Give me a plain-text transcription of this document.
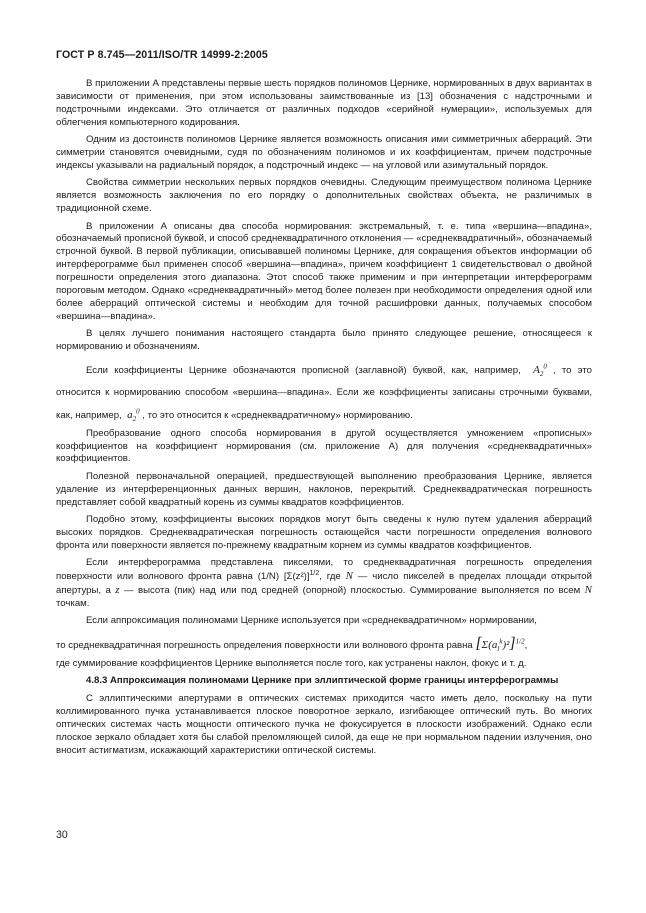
ГОСТ Р 8.745—2011/ISO/TR 14999-2:2005

В приложении А представлены первые шесть порядков полиномов Цернике, нормированных в двух вариантах в зависимости от применения, при этом использованы заимствованные из [13] обозначения с надстрочными и подстрочными индексами. Это отличается от различных подходов «серийной нумерации», используемых для облегчения компьютерного кодирования.

Одним из достоинств полиномов Цернике является возможность описания ими симметричных аберраций. Эти симметрии становятся очевидными, судя по обозначениям полиномов и их коэффициентам, причем подстрочные индексы указывали на радиальный порядок, а подстрочный индекс — на угловой или азимутальный порядок.

Свойства симметрии нескольких первых порядков очевидны. Следующим преимуществом полинома Цернике является возможность заключения по его порядку о дополнительных свойствах объекта, не различимых в традиционной схеме.

В приложении А описаны два способа нормирования: экстремальный, т. е. типа «вершина—впадина», обозначаемый прописной буквой, и способ среднеквадратичного отклонения — «среднеквадратичный», обозначаемый строчной буквой. В первой публикации, описывавшей полиномы Цернике, для сокращения объектов информации об интерферограмме был применен способ «вершина—впадина», причем коэффициент 1 свидетельствовал о двойной погрешности определения этого диапазона. Этот способ также применим и при интерпретации интерферограмм пороговым методом. Однако «среднеквадратичный» метод более полезен при необходимости определения одной или более аберраций оптической системы и необходим для точной расшифровки данных, получаемых способом «вершина—впадина».

В целях лучшего понимания настоящего стандарта было принято следующее решение, относящееся к нормированию и обозначениям.

Если коэффициенты Цернике обозначаются прописной (заглавной) буквой, как, например, $A_2^0$ , то это относится к нормированию способом «вершина—впадина». Если же коэффициенты записаны строчными буквами, как, например, $a_2^0$ , то это относится к «среднеквадратичному» нормированию.

Преобразование одного способа нормирования в другой осуществляется умножением «прописных» коэффициентов на коэффициент нормирования (см. приложение А) для получения «среднеквадратичных» коэффициентов.

Полезной первоначальной операцией, предшествующей выполнению преобразования Цернике, является удаление из интерференционных данных вершин, наклонов, перекрытий. Среднеквадратическая погрешность представляет собой квадратный корень из суммы квадратов коэффициентов.

Подобно этому, коэффициенты высоких порядков могут быть сведены к нулю путем удаления аберраций высоких порядков. Среднеквадратическая погрешность остающейся части погрешности определения волнового фронта или поверхности является по-прежнему квадратным корнем из суммы квадратов коэффициентов.

Если интерферограмма представлена пикселями, то среднеквадратичная погрешность определения поверхности или волнового фронта равна (1/N) $[\Sigma(z^2)]^{1/2}$, где N — число пикселей в пределах площади открытой апертуры, а z — высота (пик) над или под средней (опорной) плоскостью. Суммирование выполняется по всем N точкам.

Если аппроксимация полиномами Цернике используется при «среднеквадратичном» нормировании,

то среднеквадратичная погрешность определения поверхности или волнового фронта равна $[\Sigma(a_l^k)^2]^{1/2}$,

где суммирование коэффициентов Цернике выполняется после того, как устранены наклон, фокус и т. д.

4.8.3 Аппроксимация полиномами Цернике при эллиптической форме границы интерферограммы

С эллиптическими апертурами в оптических системах приходится часто иметь дело, поскольку на пути коллимированного пучка устанавливается плоское поворотное зеркало, изгибающее оптический путь. Во многих оптических системах часть мощности оптического пучка не фокусируется в плоскости изображений. Однако если плоское зеркало обладает хотя бы слабой преломляющей силой, да еще не при нормальном падении излучения, оно вносит астигматизм, искажающий характеристики оптической системы.

30
